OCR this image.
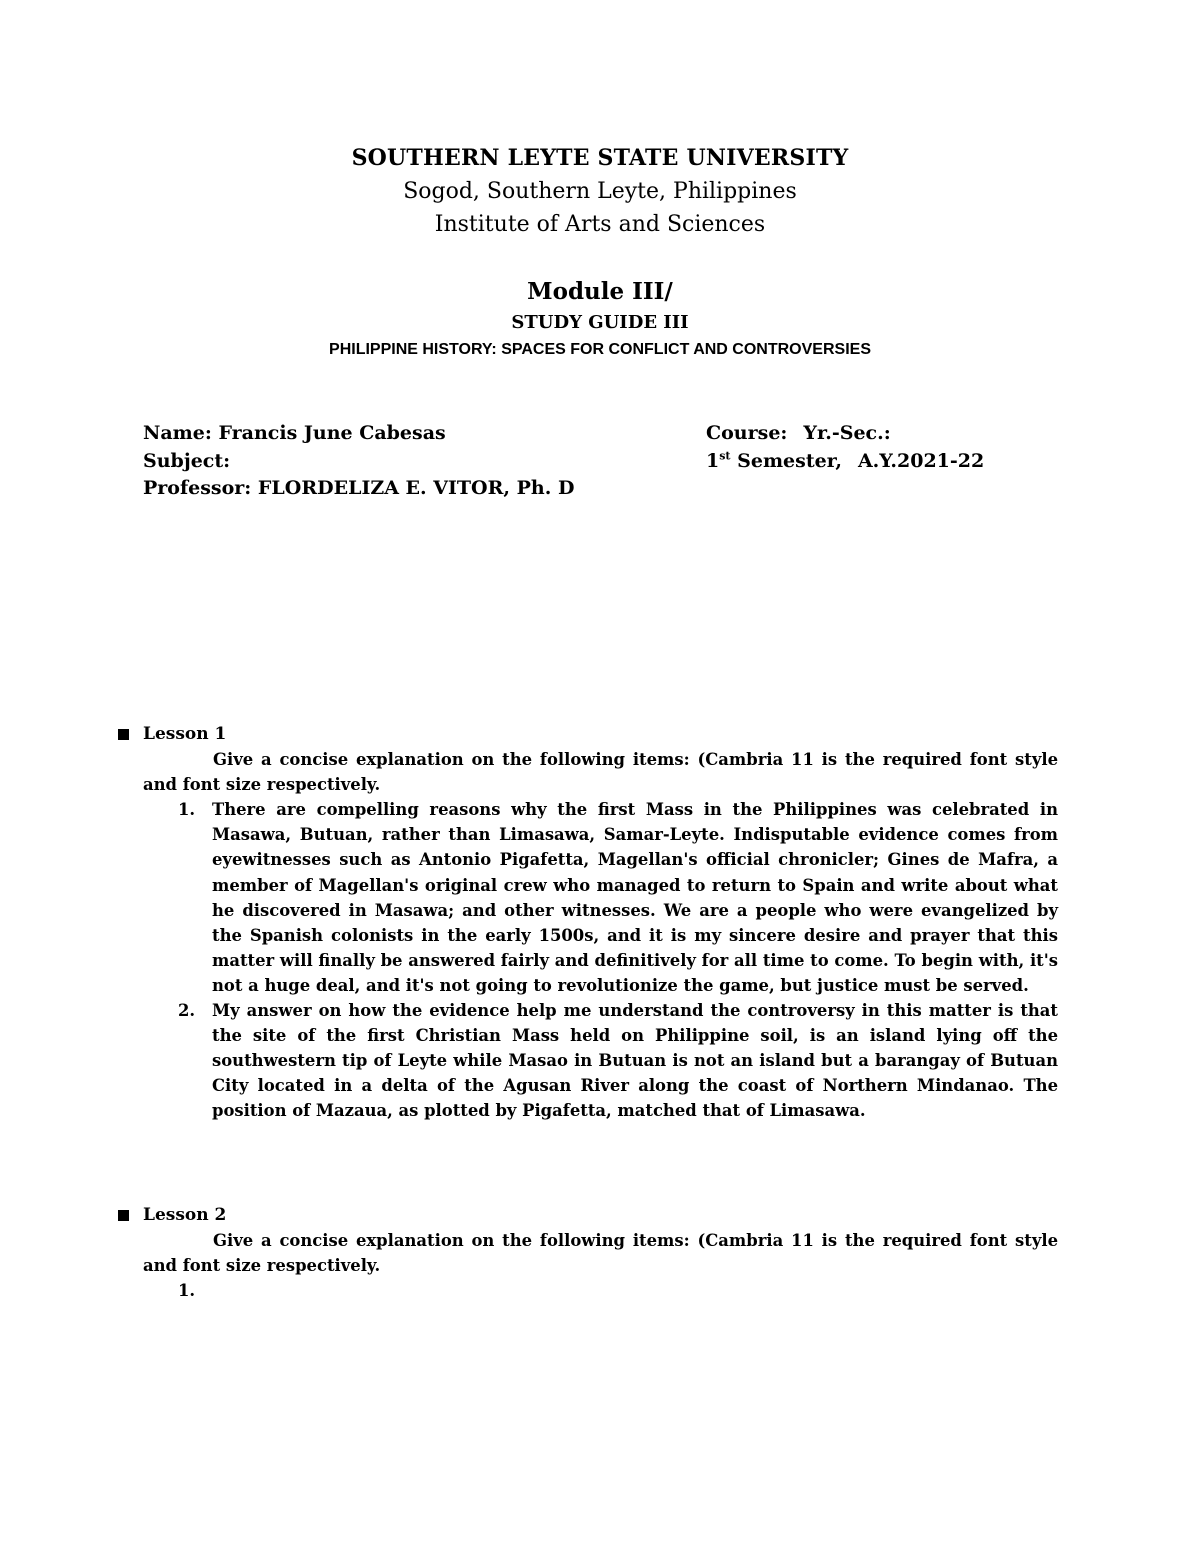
SOUTHERN LEYTE STATE UNIVERSITY
Sogod, Southern Leyte, Philippines
Institute of Arts and Sciences
Module III/
STUDY GUIDE III
PHILIPPINE HISTORY: SPACES FOR CONFLICT AND CONTROVERSIES
Name: Francis June Cabesas
Subject:
Professor: FLORDELIZA E. VITOR, Ph. D
Course: Yr.-Sec.:
1st Semester, A.Y.2021-22
Lesson 1
Give a concise explanation on the following items: (Cambria 11 is the required font style and font size respectively.
1. There are compelling reasons why the first Mass in the Philippines was celebrated in Masawa, Butuan, rather than Limasawa, Samar-Leyte. Indisputable evidence comes from eyewitnesses such as Antonio Pigafetta, Magellan's official chronicler; Gines de Mafra, a member of Magellan's original crew who managed to return to Spain and write about what he discovered in Masawa; and other witnesses. We are a people who were evangelized by the Spanish colonists in the early 1500s, and it is my sincere desire and prayer that this matter will finally be answered fairly and definitively for all time to come. To begin with, it's not a huge deal, and it's not going to revolutionize the game, but justice must be served.
2. My answer on how the evidence help me understand the controversy in this matter is that the site of the first Christian Mass held on Philippine soil, is an island lying off the southwestern tip of Leyte while Masao in Butuan is not an island but a barangay of Butuan City located in a delta of the Agusan River along the coast of Northern Mindanao. The position of Mazaua, as plotted by Pigafetta, matched that of Limasawa.
Lesson 2
Give a concise explanation on the following items: (Cambria 11 is the required font style and font size respectively.
1.
